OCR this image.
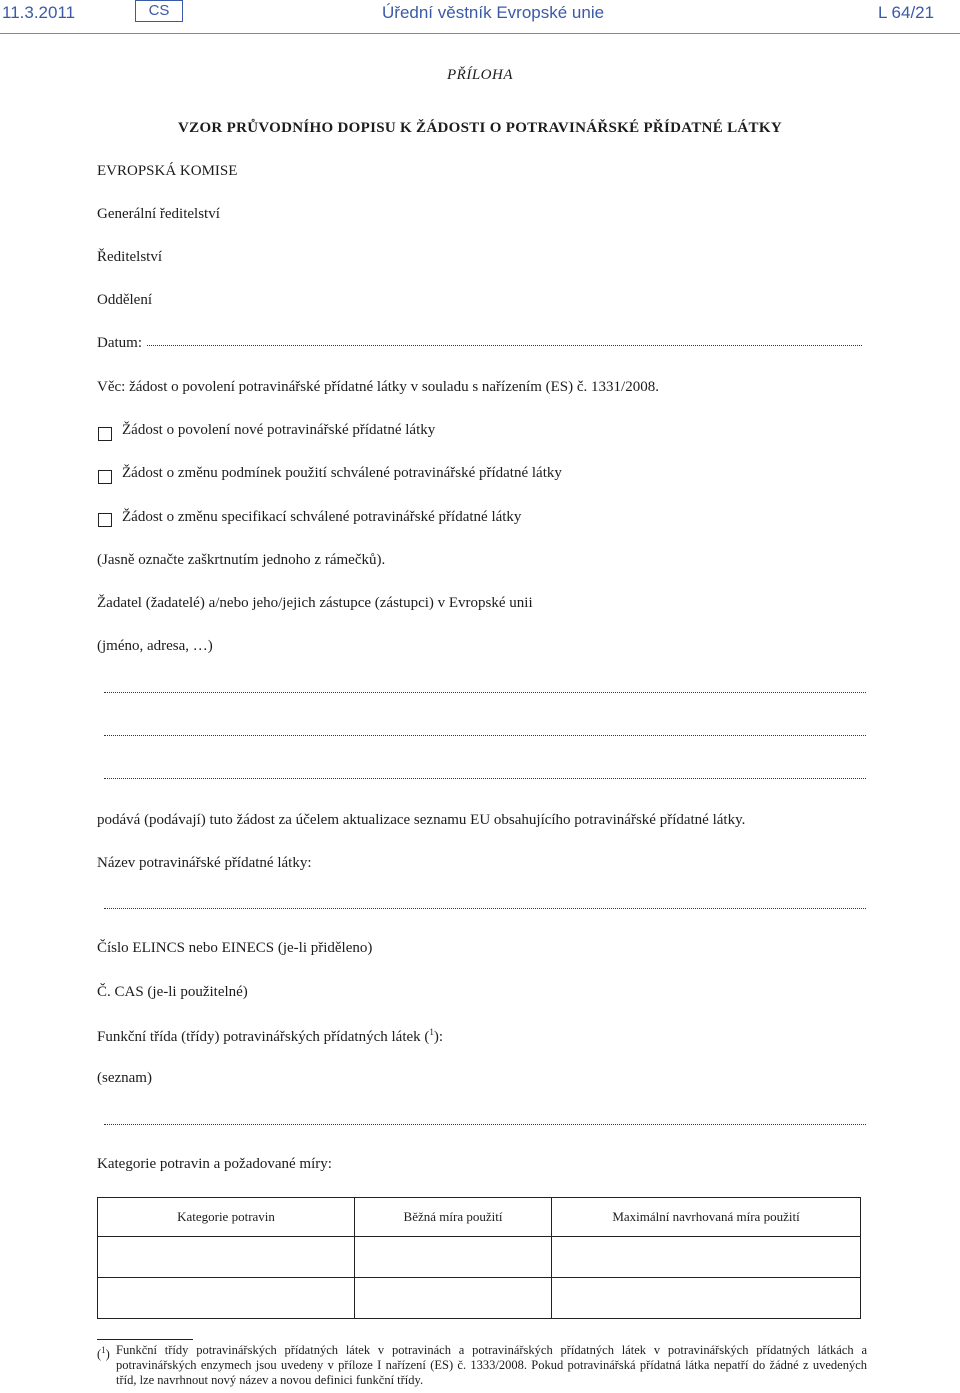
11.3.2011	CS	Úřední věstník Evropské unie	L 64/21
PŘÍLOHA
VZOR PRŮVODNÍHO DOPISU K ŽÁDOSTI O POTRAVINÁŘSKÉ PŘÍDATNÉ LÁTKY
EVROPSKÁ KOMISE
Generální ředitelství
Ředitelství
Oddělení
Datum:
Věc: žádost o povolení potravinářské přídatné látky v souladu s nařízením (ES) č. 1331/2008.
Žádost o povolení nové potravinářské přídatné látky
Žádost o změnu podmínek použití schválené potravinářské přídatné látky
Žádost o změnu specifikací schválené potravinářské přídatné látky
(Jasně označte zaškrtnutím jednoho z rámečků).
Žadatel (žadatelé) a/nebo jeho/jejich zástupce (zástupci) v Evropské unii
(jméno, adresa, …)
podává (podávají) tuto žádost za účelem aktualizace seznamu EU obsahujícího potravinářské přídatné látky.
Název potravinářské přídatné látky:
Číslo ELINCS nebo EINECS (je-li přiděleno)
Č. CAS (je-li použitelné)
Funkční třída (třídy) potravinářských přídatných látek ($^1$):
(seznam)
Kategorie potravin a požadované míry:
Kategorie potravin	Běžná míra použití	Maximální navrhovaná míra použití

($^1$) Funkční třídy potravinářských přídatných látek v potravinách a potravinářských přídatných látek v potravinářských přídatných látkách a potravinářských enzymech jsou uvedeny v příloze I nařízení (ES) č. 1333/2008. Pokud potravinářská přídatná látka nepatří do žádné z uvedených tříd, lze navrhnout nový název a novou definici funkční třídy.
